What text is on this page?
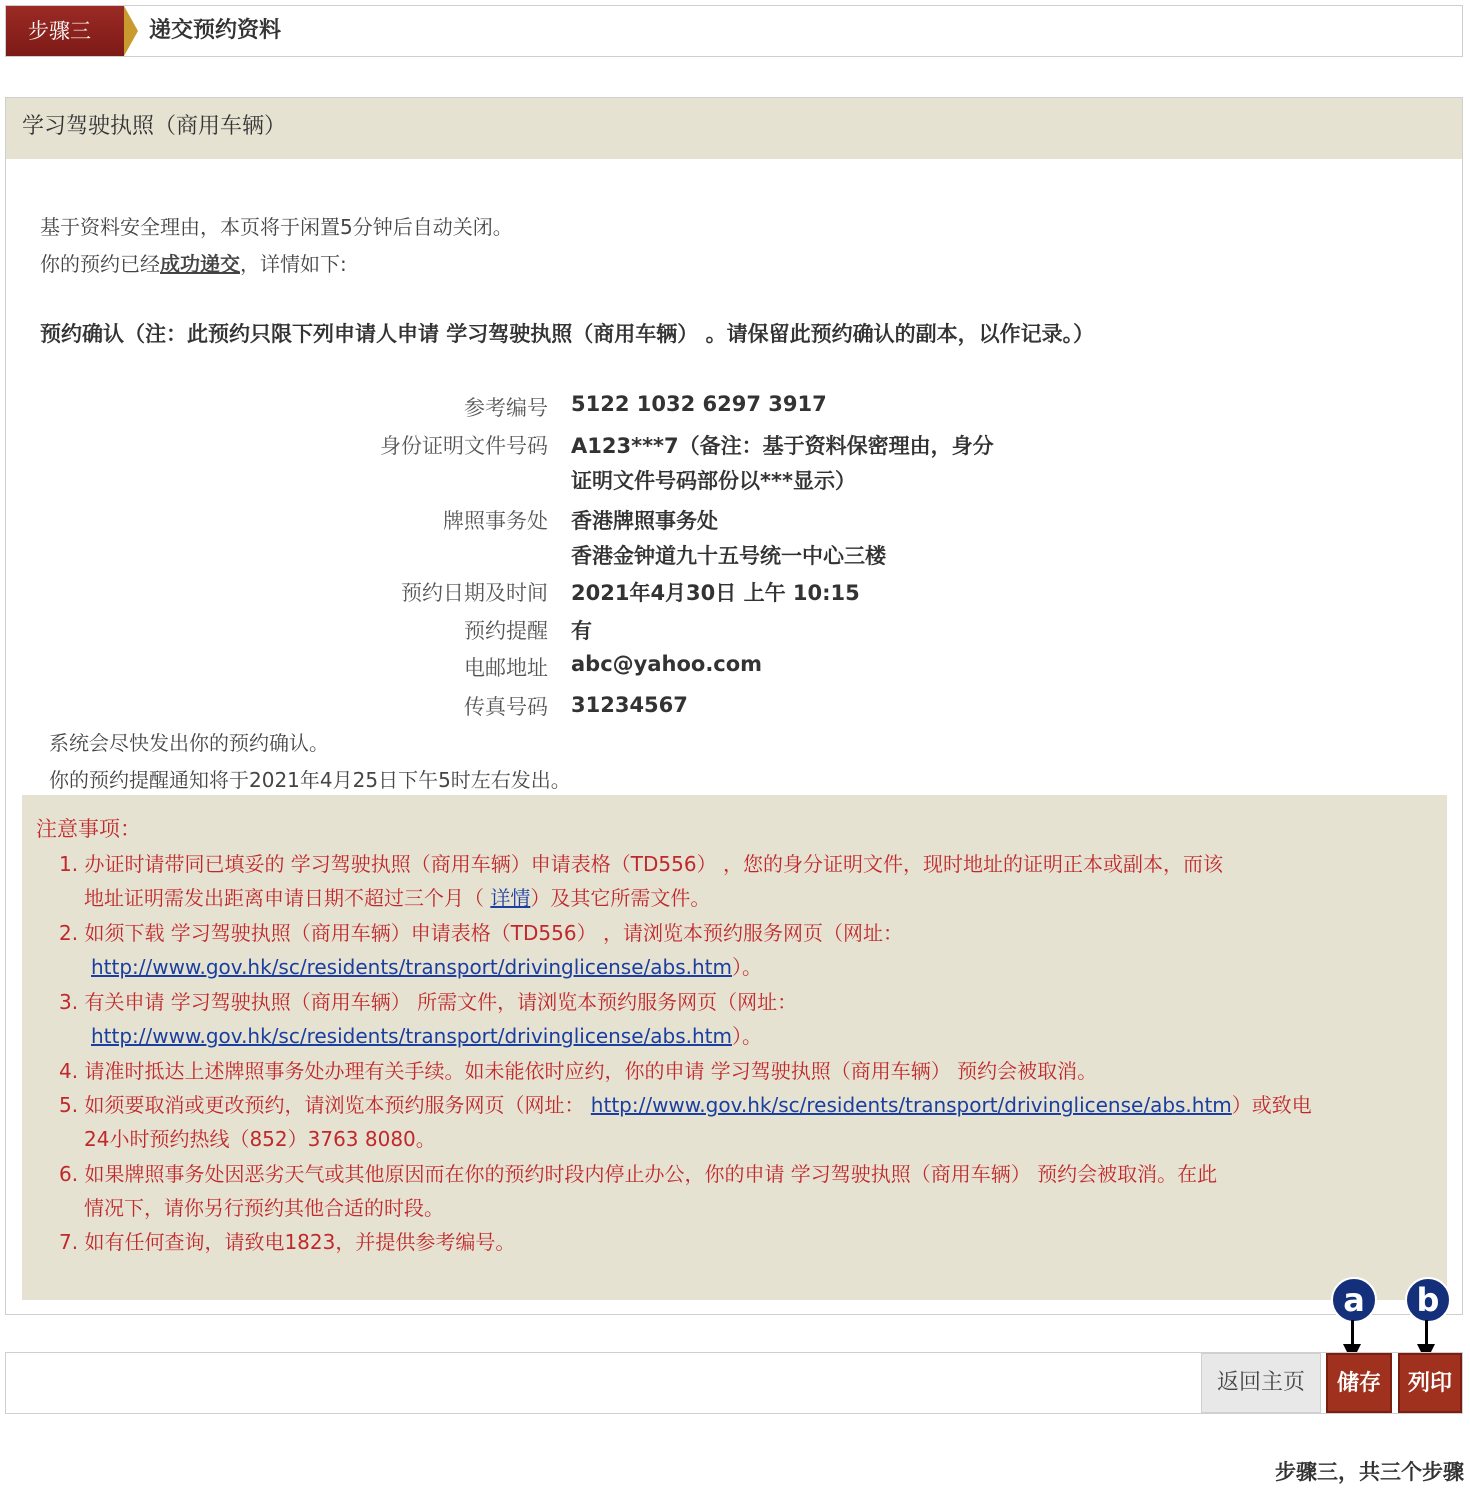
步骤三	递交预约资料
学习驾驶执照（商用车辆）
基于资料安全理由，本页将于闲置5分钟后自动关闭。
你的预约已经成功递交，详情如下:
预约确认（注：此预约只限下列申请人申请 学习驾驶执照（商用车辆） 。请保留此预约确认的副本，以作记录。）
参考编号 5122 1032 6297 3917
身份证明文件号码 A123***7（备注：基于资料保密理由，身分
证明文件号码部份以***显示）
牌照事务处 香港牌照事务处
香港金钟道九十五号统一中心三楼
预约日期及时间 2021年4月30日 上午 10:15
预约提醒 有
电邮地址 abc@yahoo.com
传真号码 31234567
系统会尽快发出你的预约确认。
你的预约提醒通知将于2021年4月25日下午5时左右发出。
注意事项：
1. 办证时请带同已填妥的 学习驾驶执照（商用车辆）申请表格（TD556） ，您的身分证明文件，现时地址的证明正本或副本，而该
地址证明需发出距离申请日期不超过三个月（ 详情）及其它所需文件。
2. 如须下载 学习驾驶执照（商用车辆）申请表格（TD556） ，请浏览本预约服务网页（网址：
http://www.gov.hk/sc/residents/transport/drivinglicense/abs.htm）。
3. 有关申请 学习驾驶执照（商用车辆） 所需文件，请浏览本预约服务网页（网址：
http://www.gov.hk/sc/residents/transport/drivinglicense/abs.htm）。
4. 请准时抵达上述牌照事务处办理有关手续。如未能依时应约，你的申请 学习驾驶执照（商用车辆） 预约会被取消。
5. 如须要取消或更改预约，请浏览本预约服务网页（网址： http://www.gov.hk/sc/residents/transport/drivinglicense/abs.htm）或致电
24小时预约热线（852）3763 8080。
6. 如果牌照事务处因恶劣天气或其他原因而在你的预约时段内停止办公，你的申请 学习驾驶执照（商用车辆） 预约会被取消。在此
情况下，请你另行预约其他合适的时段。
7. 如有任何查询，请致电1823，并提供参考编号。
a	b
返回主页	储存	列印
步骤三，共三个步骤
